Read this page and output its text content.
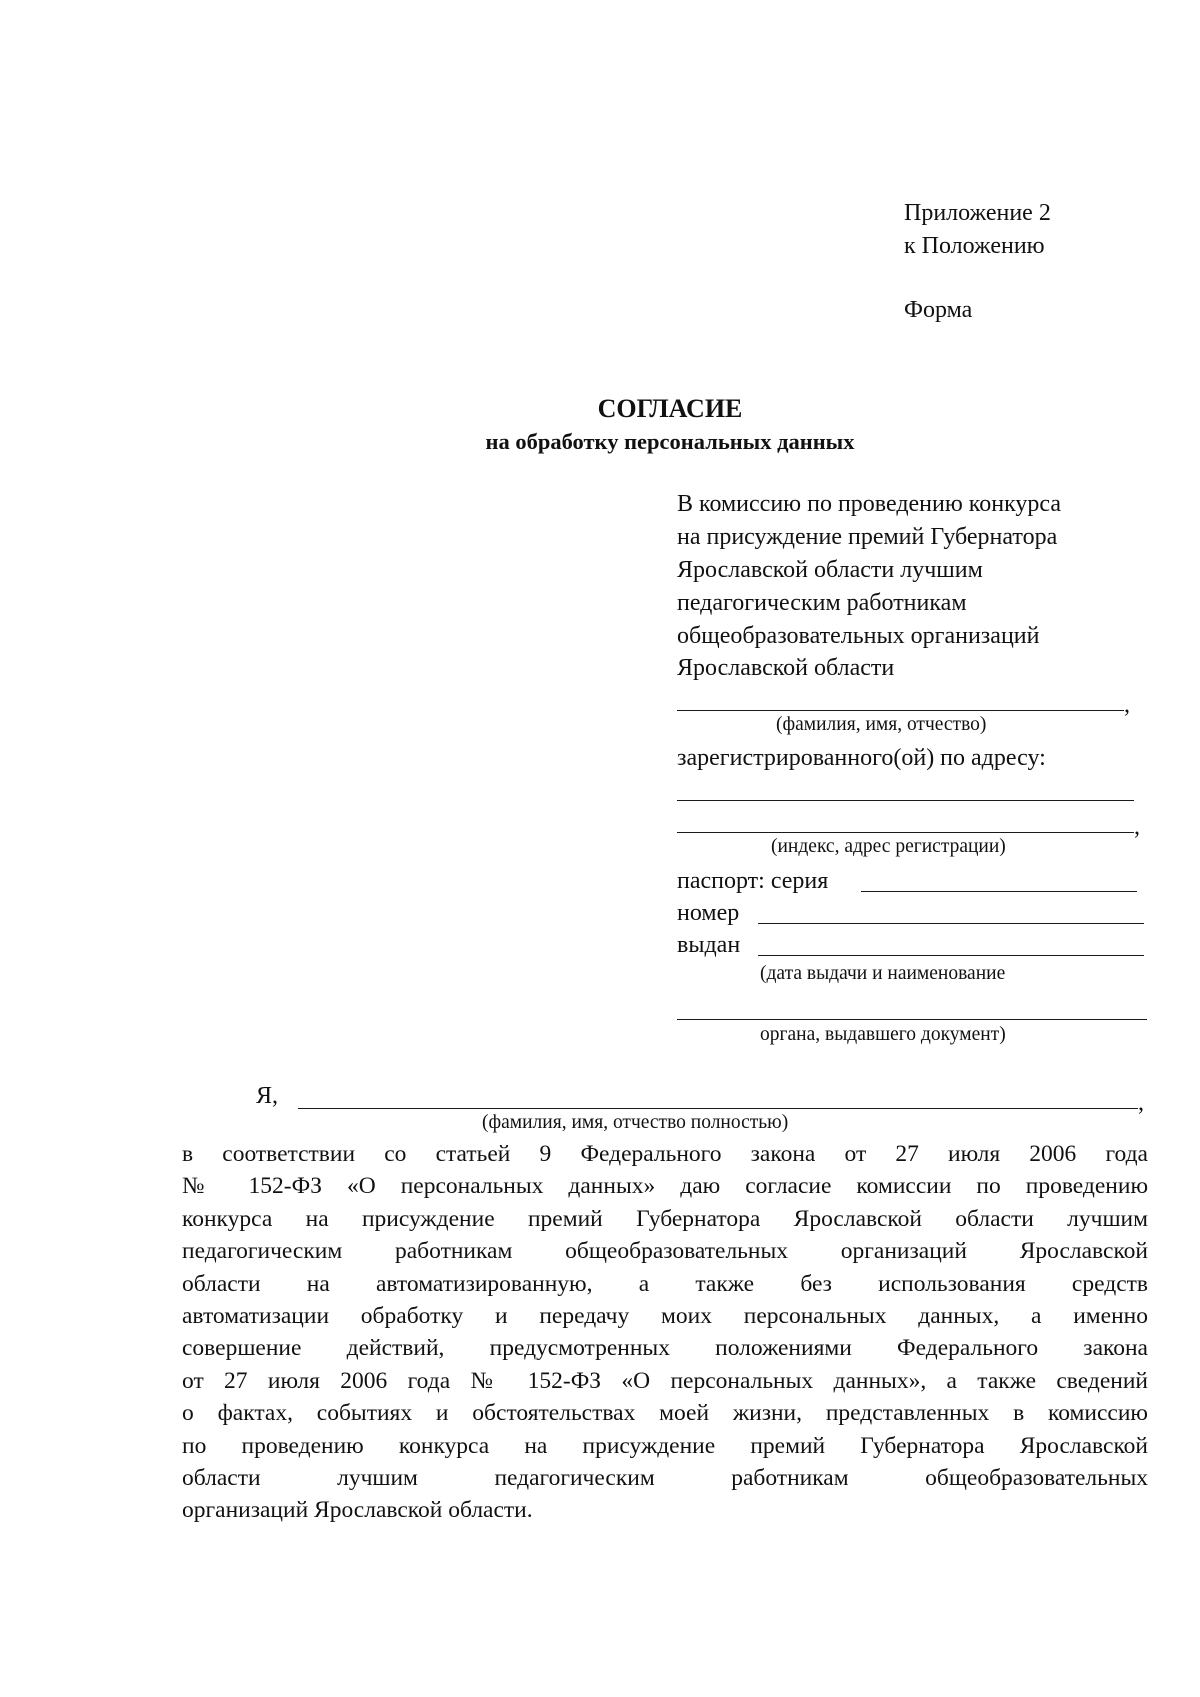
Приложение 2
к Положению
Форма
СОГЛАСИЕ
на обработку персональных данных
В комиссию по проведению конкурса
на присуждение премий Губернатора
Ярославской области лучшим
педагогическим работникам
общеобразовательных организаций
Ярославской области
,
(фамилия, имя, отчество)
зарегистрированного(ой) по адресу:
,
(индекс, адрес регистрации)
паспорт: серия
номер
выдан
(дата выдачи и наименование
органа, выдавшего документ)
Я,	,
(фамилия, имя, отчество полностью)
в соответствии со статьей 9 Федерального закона от 27 июля 2006 года
№ 152-ФЗ «О персональных данных» даю согласие комиссии по проведению
конкурса на присуждение премий Губернатора Ярославской области лучшим
педагогическим работникам общеобразовательных организаций Ярославской
области на автоматизированную, а также без использования средств
автоматизации обработку и передачу моих персональных данных, а именно
совершение действий, предусмотренных положениями Федерального закона
от 27 июля 2006 года № 152-ФЗ «О персональных данных», а также сведений
о фактах, событиях и обстоятельствах моей жизни, представленных в комиссию
по проведению конкурса на присуждение премий Губернатора Ярославской
области лучшим педагогическим работникам общеобразовательных
организаций Ярославской области.
